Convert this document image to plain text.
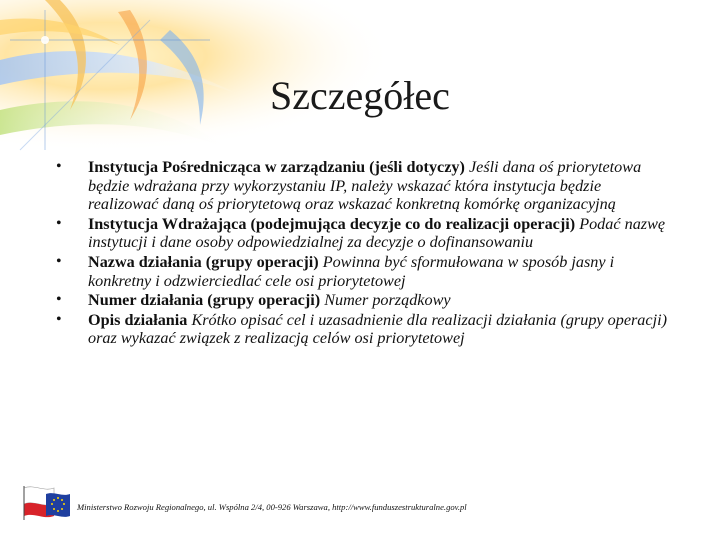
Szczegółec
• Instytucja Pośrednicząca w zarządzaniu (jeśli dotyczy) Jeśli dana oś priorytetowa będzie wdrażana przy wykorzystaniu IP, należy wskazać która instytucja będzie realizować daną oś priorytetową oraz wskazać konkretną komórkę organizacyjną
• Instytucja Wdrażająca (podejmująca decyzje co do realizacji operacji) Podać nazwę instytucji i dane osoby odpowiedzialnej za decyzje o dofinansowaniu
• Nazwa działania (grupy operacji) Powinna być sformułowana w sposób jasny i konkretny i odzwierciedlać cele osi priorytetowej
• Numer działania (grupy operacji) Numer porządkowy
• Opis działania Krótko opisać cel i uzasadnienie dla realizacji działania (grupy operacji) oraz wykazać związek z realizacją celów osi priorytetowej
Ministerstwo Rozwoju Regionalnego, ul. Wspólna 2/4, 00-926 Warszawa, http://www.funduszestrukturalne.gov.pl
